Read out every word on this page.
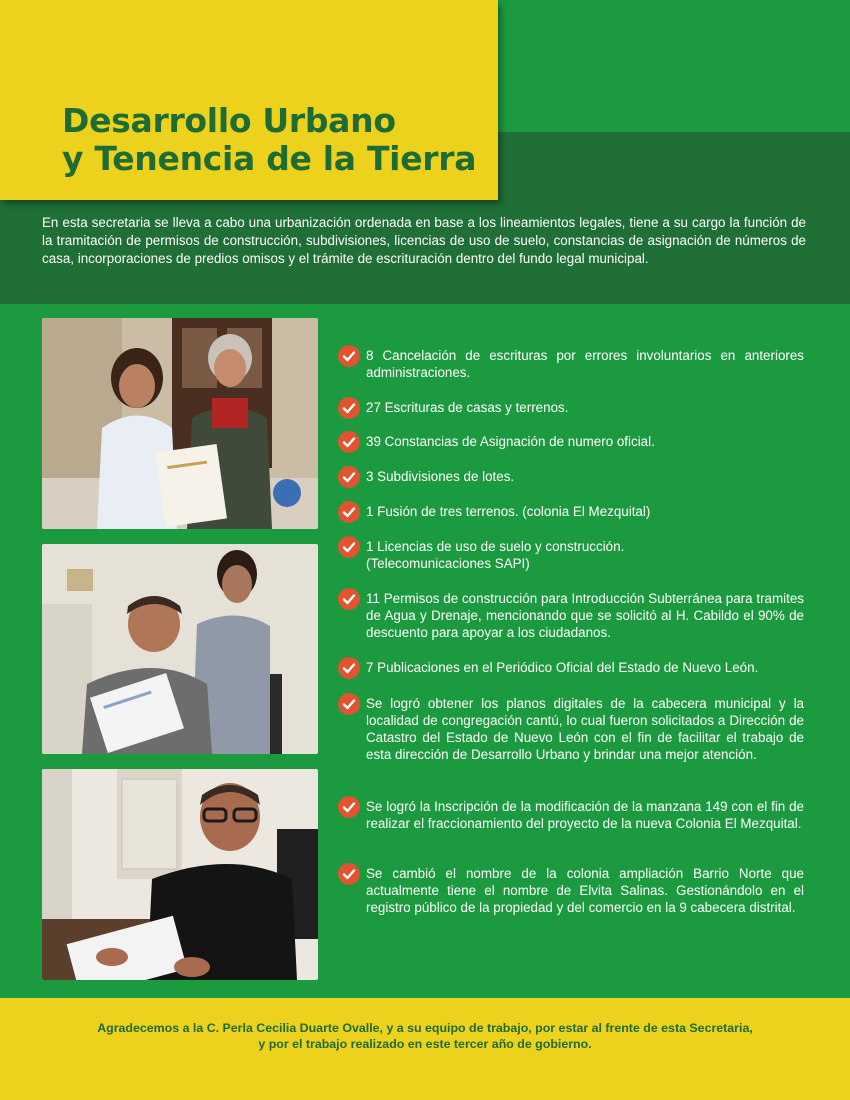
Desarrollo Urbano
y Tenencia de la Tierra

En esta secretaria se lleva a cabo una urbanización ordenada en base a los lineamientos legales, tiene a su cargo la función de la tramitación de permisos de construcción, subdivisiones, licencias de uso de suelo, constancias de asignación de números de casa, incorporaciones de predios omisos y el trámite de escrituración dentro del fundo legal municipal.

8 Cancelación de escrituras por errores involuntarios en anteriores administraciones.
27 Escrituras de casas y terrenos.
39 Constancias de Asignación de numero oficial.
3 Subdivisiones de lotes.
1 Fusión de tres terrenos. (colonia El Mezquital)
1 Licencias de uso de suelo y construcción. (Telecomunicaciones SAPI)
11 Permisos de construcción para Introducción Subterránea para tramites de Agua y Drenaje, mencionando que se solicitó al H. Cabildo el 90% de descuento para apoyar a los ciudadanos.
7 Publicaciones en el Periódico Oficial del Estado de Nuevo León.
Se logró obtener los planos digitales de la cabecera municipal y la localidad de congregación cantú, lo cual fueron solicitados a Dirección de Catastro del Estado de Nuevo León con el fin de facilitar el trabajo de esta dirección de Desarrollo Urbano y brindar una mejor atención.
Se logró la Inscripción de la modificación de la manzana 149 con el fin de realizar el fraccionamiento del proyecto de la nueva Colonia El Mezquital.
Se cambió el nombre de la colonia ampliación Barrio Norte que actualmente tiene el nombre de Elvita Salinas. Gestionándolo en el registro público de la propiedad y del comercio en la 9 cabecera distrital.

Agradecemos a la C. Perla Cecilia Duarte Ovalle, y a su equipo de trabajo, por estar al frente de esta Secretaria,
y por el trabajo realizado en este tercer año de gobierno.
